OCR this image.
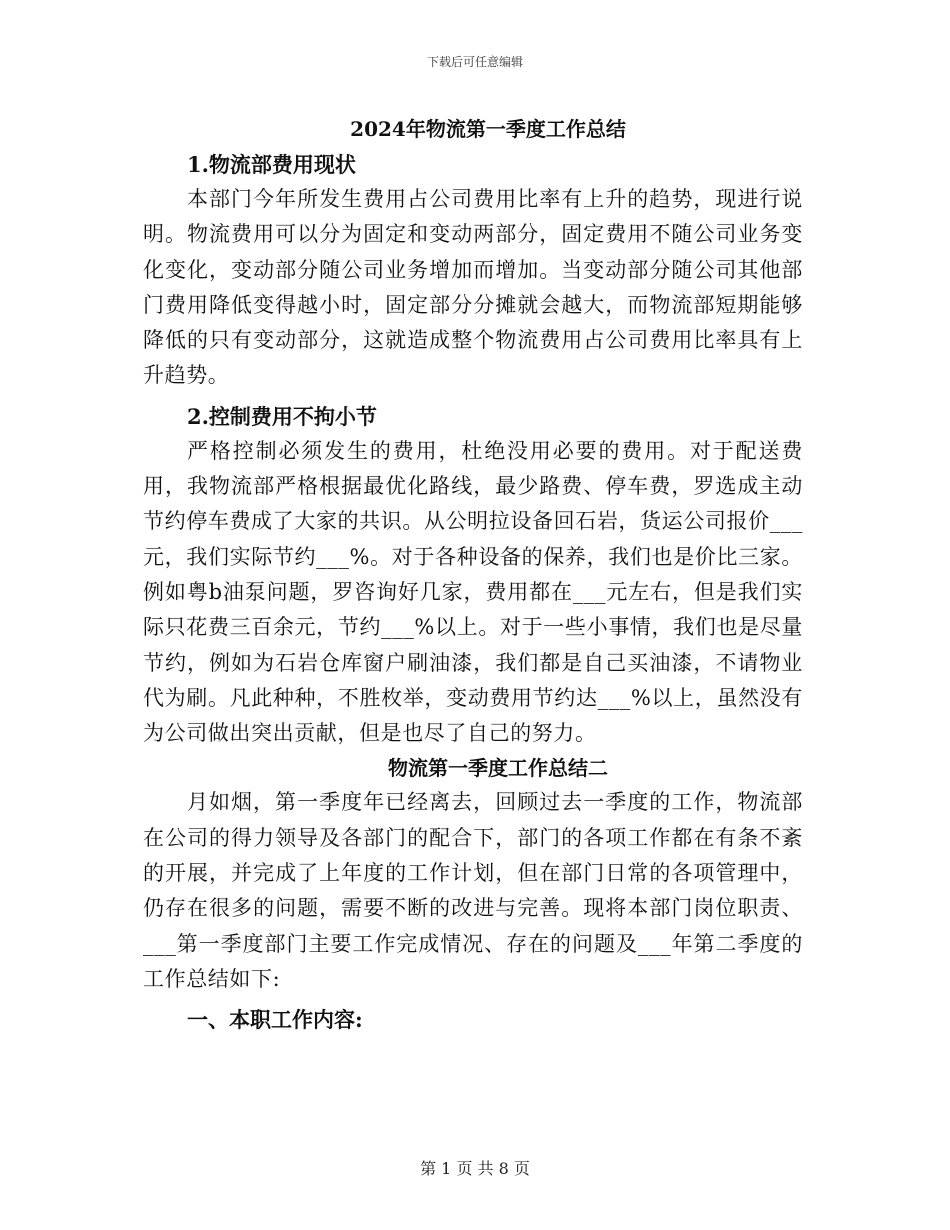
下载后可任意编辑
2024年物流第一季度工作总结
1.物流部费用现状

本部门今年所发生费用占公司费用比率有上升的趋势，现进行说明。物流费用可以分为固定和变动两部分，固定费用不随公司业务变化变化，变动部分随公司业务增加而增加。当变动部分随公司其他部门费用降低变得越小时，固定部分分摊就会越大，而物流部短期能够降低的只有变动部分，这就造成整个物流费用占公司费用比率具有上升趋势。

2.控制费用不拘小节

严格控制必须发生的费用，杜绝没用必要的费用。对于配送费用，我物流部严格根据最优化路线，最少路费、停车费，罗选成主动节约停车费成了大家的共识。从公明拉设备回石岩，货运公司报价___元，我们实际节约___%。对于各种设备的保养，我们也是价比三家。例如粤b油泵问题，罗咨询好几家，费用都在___元左右，但是我们实际只花费三百余元，节约___%以上。对于一些小事情，我们也是尽量节约，例如为石岩仓库窗户刷油漆，我们都是自己买油漆，不请物业代为刷。凡此种种，不胜枚举，变动费用节约达___%以上，虽然没有为公司做出突出贡献，但是也尽了自己的努力。

物流第一季度工作总结二

月如烟，第一季度年已经离去，回顾过去一季度的工作，物流部在公司的得力领导及各部门的配合下，部门的各项工作都在有条不紊的开展，并完成了上年度的工作计划，但在部门日常的各项管理中，仍存在很多的问题，需要不断的改进与完善。现将本部门岗位职责、___第一季度部门主要工作完成情况、存在的问题及___年第二季度的工作总结如下:

一、本职工作内容:
第 1 页 共 8 页
